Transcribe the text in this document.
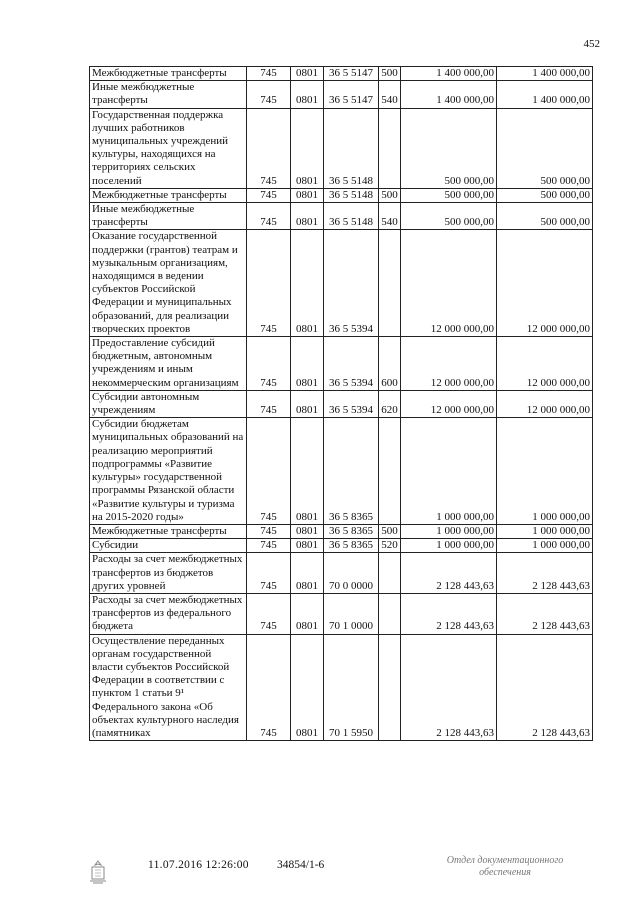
452
Межбюджетные трансферты	745	0801	36 5 5147	500	1 400 000,00	1 400 000,00
Иные межбюджетные трансферты	745	0801	36 5 5147	540	1 400 000,00	1 400 000,00
Государственная поддержка лучших работников муниципальных учреждений культуры, находящихся на территориях сельских поселений	745	0801	36 5 5148		500 000,00	500 000,00
Межбюджетные трансферты	745	0801	36 5 5148	500	500 000,00	500 000,00
Иные межбюджетные трансферты	745	0801	36 5 5148	540	500 000,00	500 000,00
Оказание государственной поддержки (грантов) театрам и музыкальным организациям, находящимся в ведении субъектов Российской Федерации и муниципальных образований, для реализации творческих проектов	745	0801	36 5 5394		12 000 000,00	12 000 000,00
Предоставление субсидий бюджетным, автономным учреждениям и иным некоммерческим организациям	745	0801	36 5 5394	600	12 000 000,00	12 000 000,00
Субсидии автономным учреждениям	745	0801	36 5 5394	620	12 000 000,00	12 000 000,00
Субсидии бюджетам муниципальных образований на реализацию мероприятий подпрограммы «Развитие культуры» государственной программы Рязанской области «Развитие культуры и туризма на 2015-2020 годы»	745	0801	36 5 8365		1 000 000,00	1 000 000,00
Межбюджетные трансферты	745	0801	36 5 8365	500	1 000 000,00	1 000 000,00
Субсидии	745	0801	36 5 8365	520	1 000 000,00	1 000 000,00
Расходы за счет межбюджетных трансфертов из бюджетов других уровней	745	0801	70 0 0000		2 128 443,63	2 128 443,63
Расходы за счет межбюджетных трансфертов из федерального бюджета	745	0801	70 1 0000		2 128 443,63	2 128 443,63
Осуществление переданных органам государственной власти субъектов Российской Федерации в соответствии с пунктом 1 статьи 9¹ Федерального закона «Об объектах культурного наследия (памятниках	745	0801	70 1 5950		2 128 443,63	2 128 443,63
11.07.2016 12:26:00 34854/1-6	Отдел документационного
обеспечения
